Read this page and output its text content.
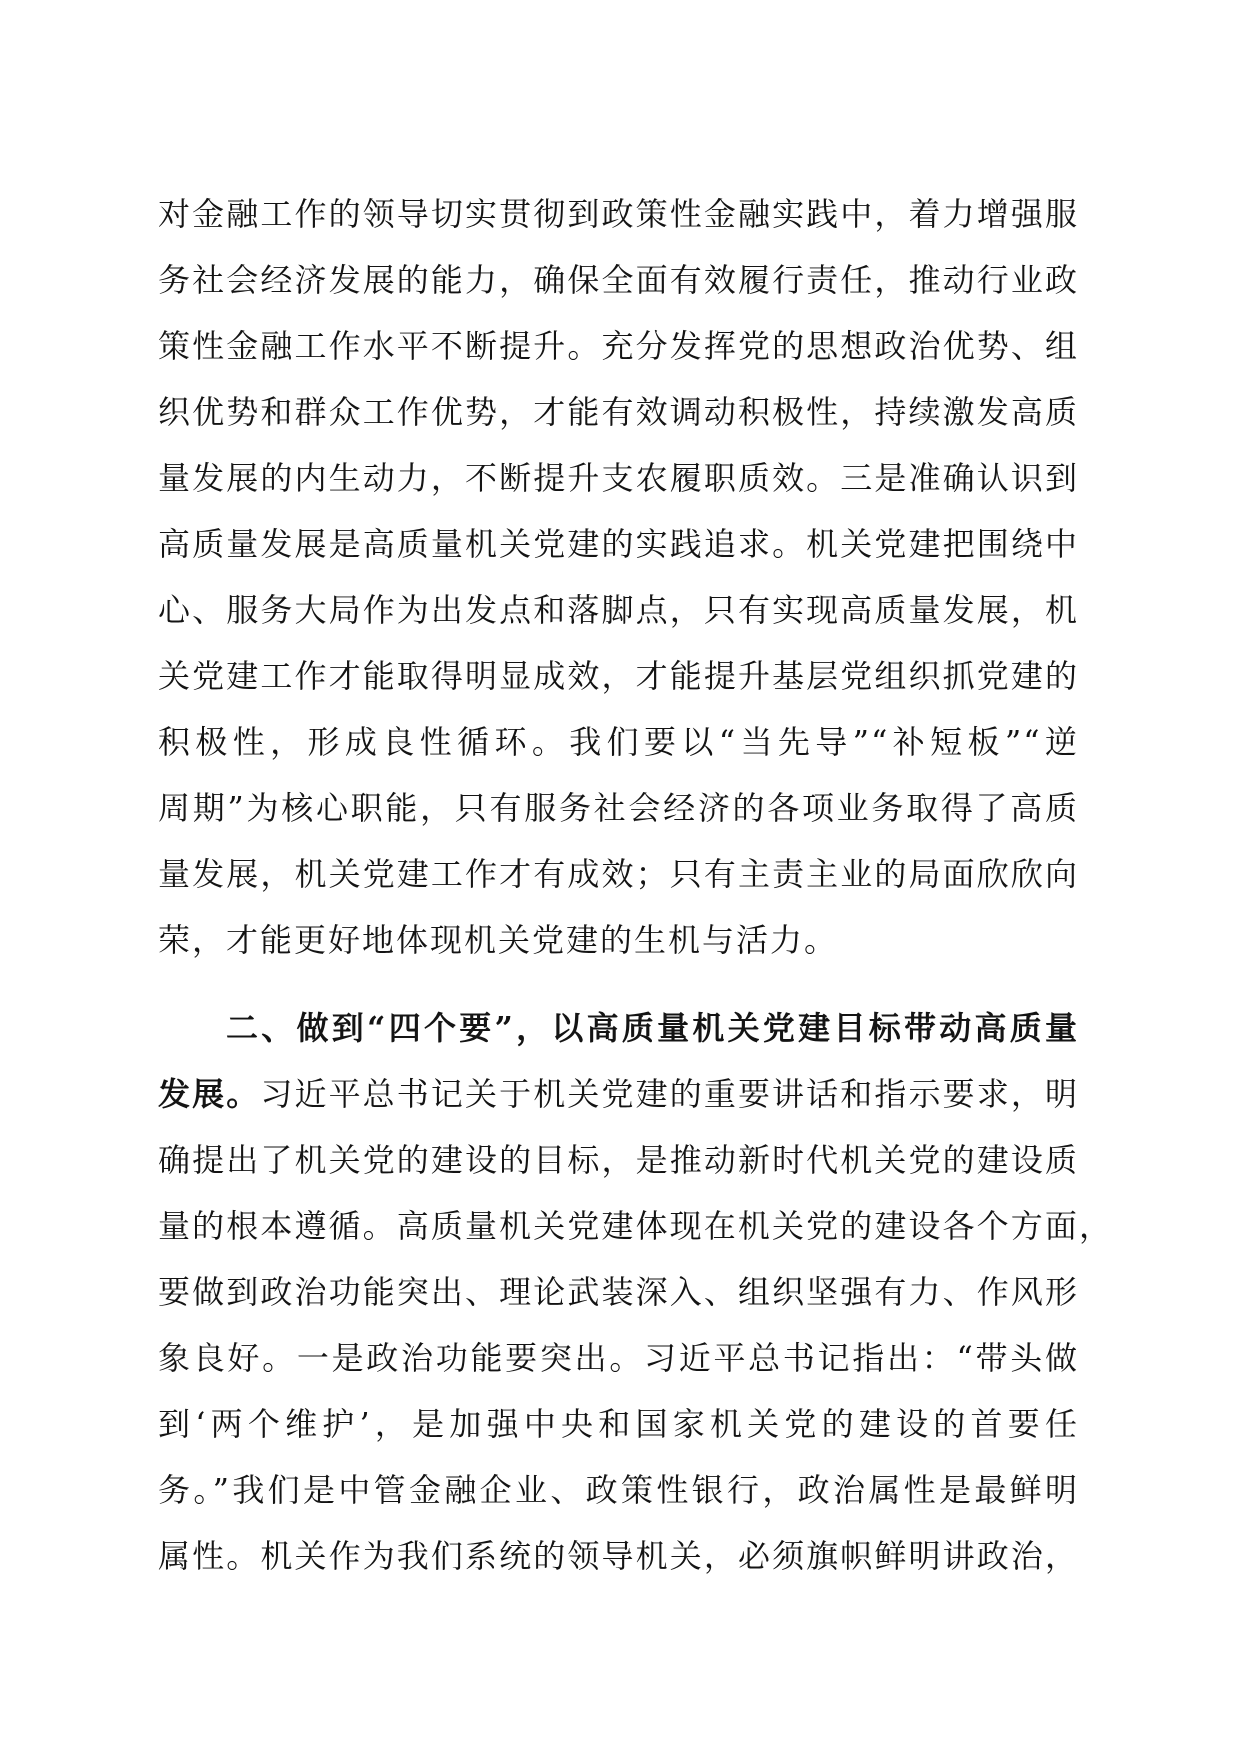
对金融工作的领导切实贯彻到政策性金融实践中，着力增强服
务社会经济发展的能力，确保全面有效履行责任，推动行业政
策性金融工作水平不断提升。充分发挥党的思想政治优势、组
织优势和群众工作优势，才能有效调动积极性，持续激发高质
量发展的内生动力，不断提升支农履职质效。三是准确认识到
高质量发展是高质量机关党建的实践追求。机关党建把围绕中
心、服务大局作为出发点和落脚点，只有实现高质量发展，机
关党建工作才能取得明显成效，才能提升基层党组织抓党建的
积极性，形成良性循环。我们要以“当先导”“补短板”“逆
周期”为核心职能，只有服务社会经济的各项业务取得了高质
量发展，机关党建工作才有成效；只有主责主业的局面欣欣向
荣，才能更好地体现机关党建的生机与活力。
二、做到“四个要”，以高质量机关党建目标带动高质量
发展。习近平总书记关于机关党建的重要讲话和指示要求，明
确提出了机关党的建设的目标，是推动新时代机关党的建设质
量的根本遵循。高质量机关党建体现在机关党的建设各个方面，
要做到政治功能突出、理论武装深入、组织坚强有力、作风形
象良好。一是政治功能要突出。习近平总书记指出：“带头做
到‘两个维护’，是加强中央和国家机关党的建设的首要任
务。”我们是中管金融企业、政策性银行，政治属性是最鲜明
属性。机关作为我们系统的领导机关，必须旗帜鲜明讲政治，
